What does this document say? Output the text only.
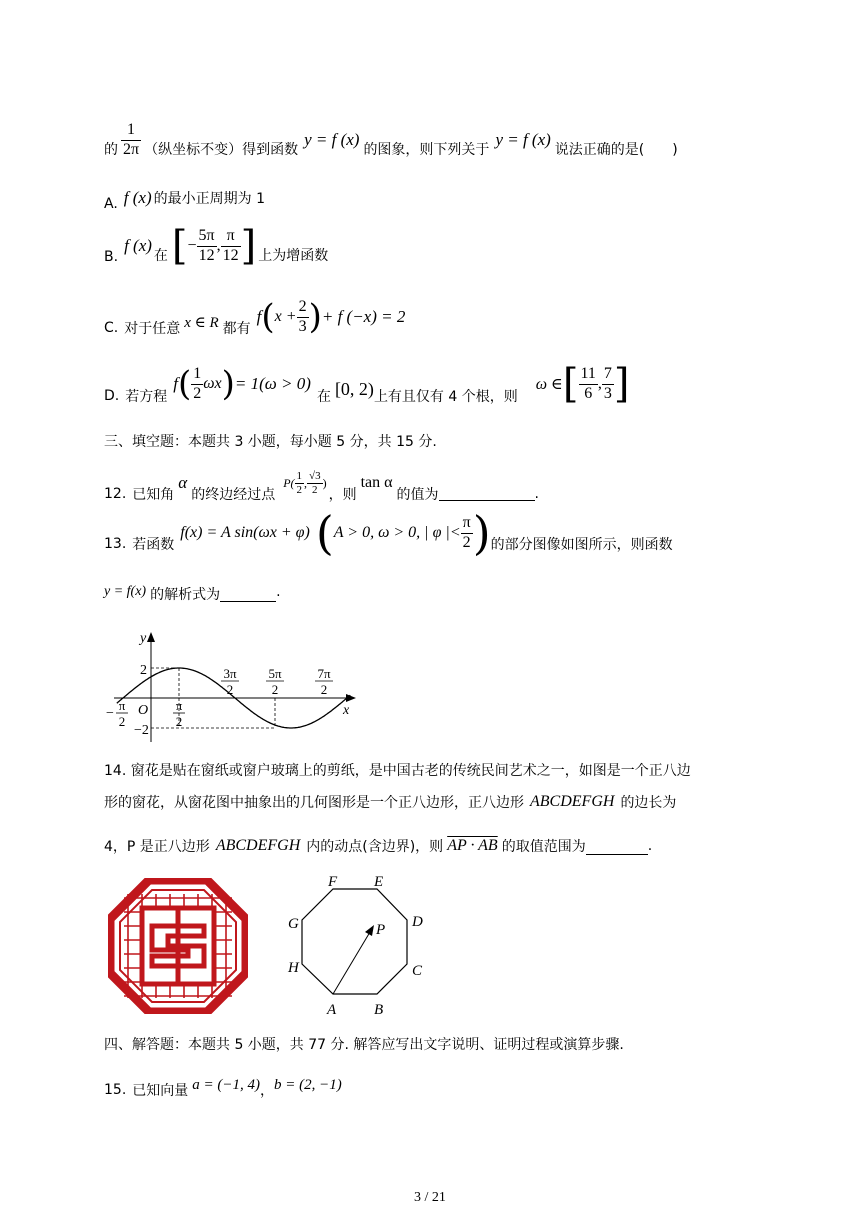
的 $\frac{1}{2\pi}$ （纵坐标不变）得到函数
y = f (x)
的图象，则下列关于
y = f (x)
说法正确的是(　　)
A. f (x) 的最小正周期为 1
B.
f (x)
在 [ − $\frac{5\pi}{12}$ , $\frac{\pi}{12}$ ] 上为增函数
C. 对于任意 x ∈ R 都有
f ( $x + \frac{2}{3}$ ) + f (−x) = 2
D. 若方程
f ( $\frac{1}{2}$ ωx ) = 1(ω > 0)
在 [0, 2) 上有且仅有 4 个根，则
ω ∈ [ $\frac{11}{6}$ , $\frac{7}{3}$ ]
三、填空题：本题共 3 小题，每小题 5 分，共 15 分.
12. 已知角
α
的终边经过点
$P( \frac{1}{2}$ , $\frac{√3}{2}$ )
，则
tan α
的值为	.
13. 若函数
f(x) = A sin(ωx + φ) ( A > 0, ω > 0, | φ |< $\frac{\pi}{2}$ ) 的部分图像如图所示，则函数
y = f(x) 的解析式为	.
y
x
O
2
−2
−
π
2
π
2
3π
2
5π
2
7π
2
14. 窗花是贴在窗纸或窗户玻璃上的剪纸，是中国古老的传统民间艺术之一，如图是一个正八边
形的窗花，从窗花图中抽象出的几何图形是一个正八边形，正八边形 ABCDEFGH 的边长为
4，P 是正八边形 ABCDEFGH 内的动点(含边界)，则 AP · AB 的取值范围为	.
A	B
C
D
E
F
G
H
P
四、解答题：本题共 5 小题，共 77 分. 解答应写出文字说明、证明过程或演算步骤.
15. 已知向量 a = (−1, 4) ， b = (2, −1)
3 / 21
